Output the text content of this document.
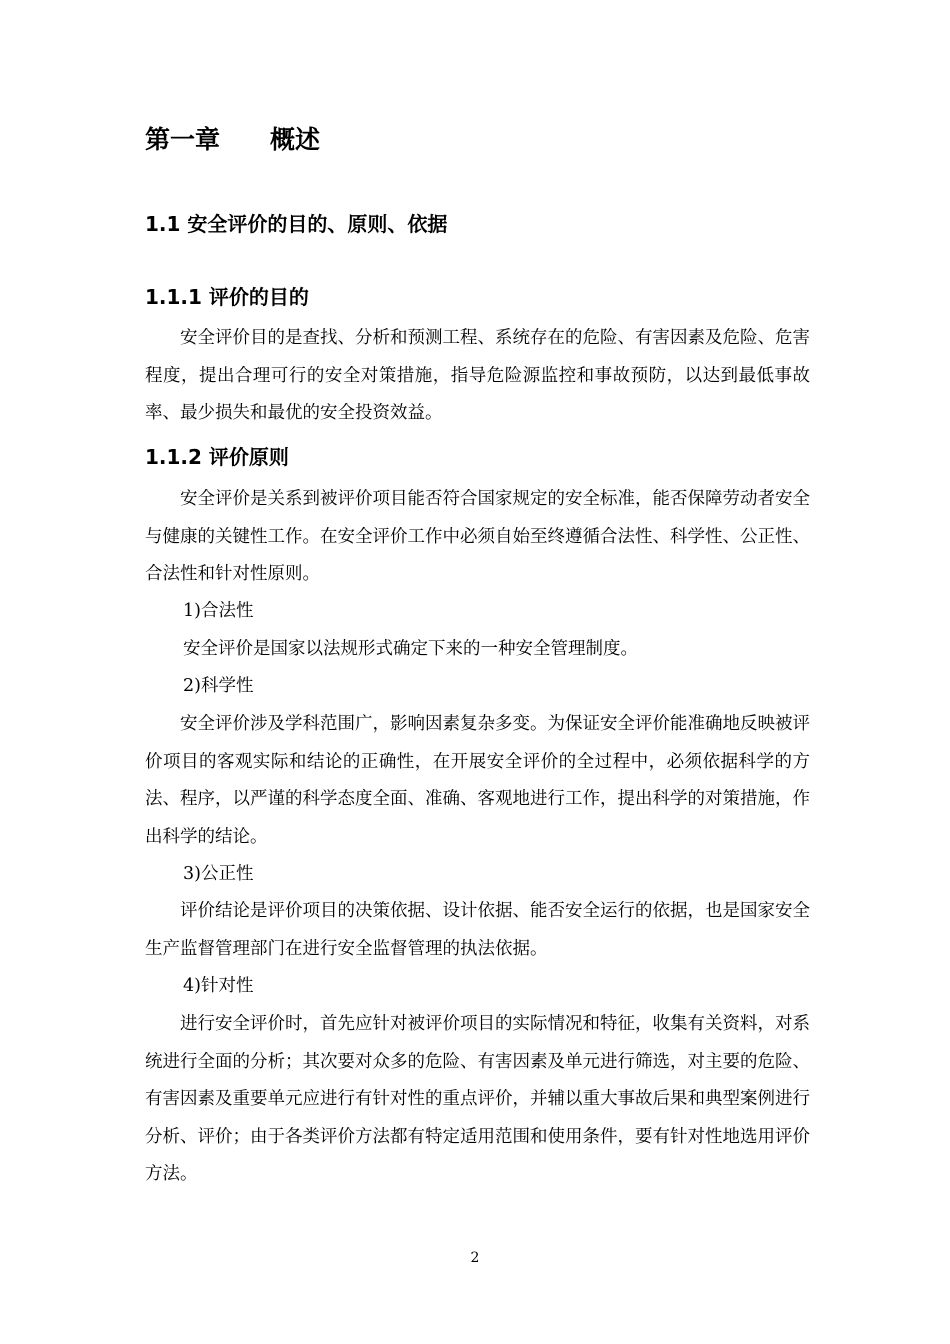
第一章　　概述
1.1 安全评价的目的、原则、依据
1.1.1 评价的目的

安全评价目的是查找、分析和预测工程、系统存在的危险、有害因素及危险、危害程度，提出合理可行的安全对策措施，指导危险源监控和事故预防，以达到最低事故率、最少损失和最优的安全投资效益。

1.1.2 评价原则

安全评价是关系到被评价项目能否符合国家规定的安全标准，能否保障劳动者安全与健康的关键性工作。在安全评价工作中必须自始至终遵循合法性、科学性、公正性、合法性和针对性原则。

1)合法性

安全评价是国家以法规形式确定下来的一种安全管理制度。

2)科学性

安全评价涉及学科范围广，影响因素复杂多变。为保证安全评价能准确地反映被评价项目的客观实际和结论的正确性，在开展安全评价的全过程中，必须依据科学的方法、程序，以严谨的科学态度全面、准确、客观地进行工作，提出科学的对策措施，作出科学的结论。

3)公正性

评价结论是评价项目的决策依据、设计依据、能否安全运行的依据，也是国家安全生产监督管理部门在进行安全监督管理的执法依据。

4)针对性

进行安全评价时，首先应针对被评价项目的实际情况和特征，收集有关资料，对系统进行全面的分析；其次要对众多的危险、有害因素及单元进行筛选，对主要的危险、有害因素及重要单元应进行有针对性的重点评价，并辅以重大事故后果和典型案例进行分析、评价；由于各类评价方法都有特定适用范围和使用条件，要有针对性地选用评价方法。

2
